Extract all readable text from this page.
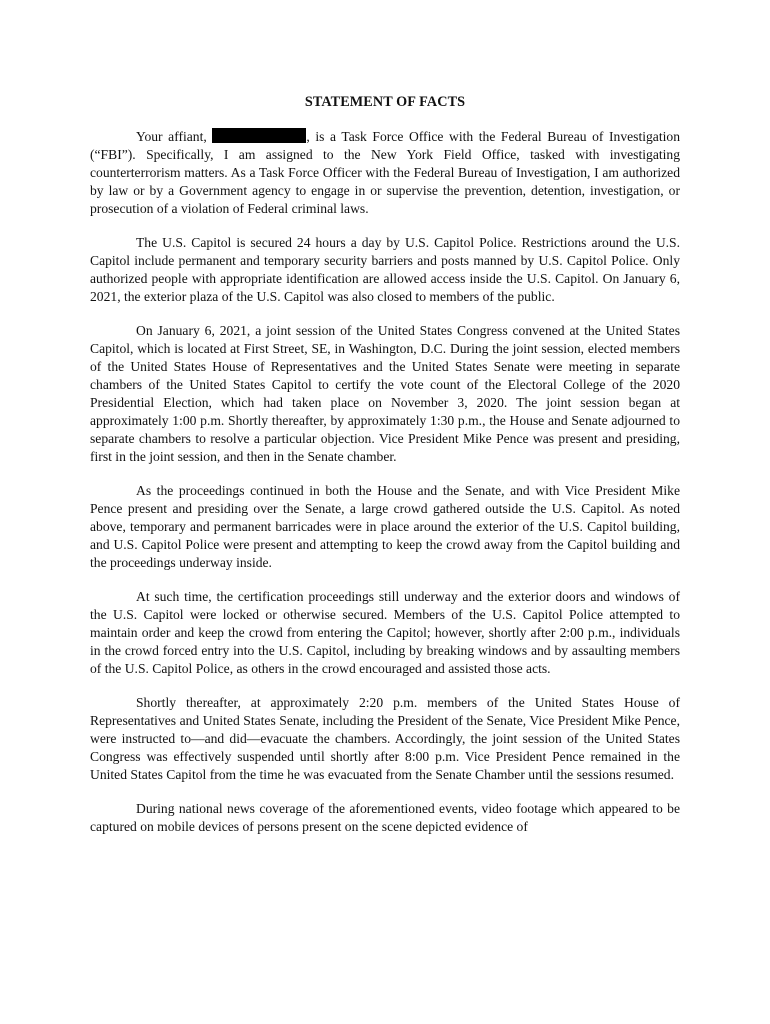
STATEMENT OF FACTS

Your affiant,	, is a Task Force Office with the Federal Bureau of Investigation (“FBI”). Specifically, I am assigned to the New York Field Office, tasked with investigating counterterrorism matters. As a Task Force Officer with the Federal Bureau of Investigation, I am authorized by law or by a Government agency to engage in or supervise the prevention, detention, investigation, or prosecution of a violation of Federal criminal laws.

The U.S. Capitol is secured 24 hours a day by U.S. Capitol Police. Restrictions around the U.S. Capitol include permanent and temporary security barriers and posts manned by U.S. Capitol Police. Only authorized people with appropriate identification are allowed access inside the U.S. Capitol. On January 6, 2021, the exterior plaza of the U.S. Capitol was also closed to members of the public.

On January 6, 2021, a joint session of the United States Congress convened at the United States Capitol, which is located at First Street, SE, in Washington, D.C. During the joint session, elected members of the United States House of Representatives and the United States Senate were meeting in separate chambers of the United States Capitol to certify the vote count of the Electoral College of the 2020 Presidential Election, which had taken place on November 3, 2020. The joint session began at approximately 1:00 p.m. Shortly thereafter, by approximately 1:30 p.m., the House and Senate adjourned to separate chambers to resolve a particular objection. Vice President Mike Pence was present and presiding, first in the joint session, and then in the Senate chamber.

As the proceedings continued in both the House and the Senate, and with Vice President Mike Pence present and presiding over the Senate, a large crowd gathered outside the U.S. Capitol. As noted above, temporary and permanent barricades were in place around the exterior of the U.S. Capitol building, and U.S. Capitol Police were present and attempting to keep the crowd away from the Capitol building and the proceedings underway inside.

At such time, the certification proceedings still underway and the exterior doors and windows of the U.S. Capitol were locked or otherwise secured. Members of the U.S. Capitol Police attempted to maintain order and keep the crowd from entering the Capitol; however, shortly after 2:00 p.m., individuals in the crowd forced entry into the U.S. Capitol, including by breaking windows and by assaulting members of the U.S. Capitol Police, as others in the crowd encouraged and assisted those acts.

Shortly thereafter, at approximately 2:20 p.m. members of the United States House of Representatives and United States Senate, including the President of the Senate, Vice President Mike Pence, were instructed to—and did—evacuate the chambers. Accordingly, the joint session of the United States Congress was effectively suspended until shortly after 8:00 p.m. Vice President Pence remained in the United States Capitol from the time he was evacuated from the Senate Chamber until the sessions resumed.

During national news coverage of the aforementioned events, video footage which appeared to be captured on mobile devices of persons present on the scene depicted evidence of
